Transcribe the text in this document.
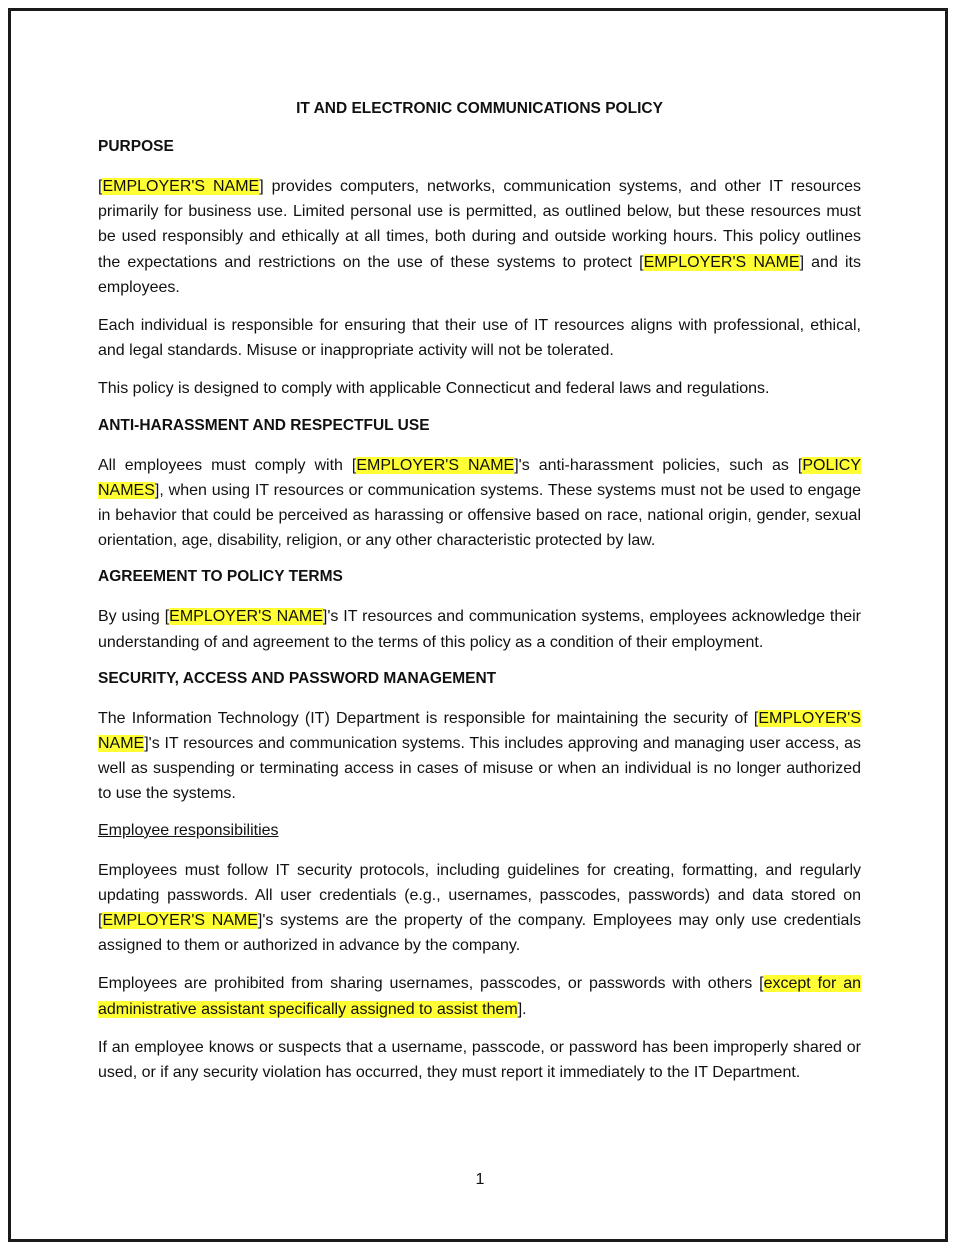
IT AND ELECTRONIC COMMUNICATIONS POLICY
PURPOSE

[EMPLOYER'S NAME] provides computers, networks, communication systems, and other IT resources primarily for business use. Limited personal use is permitted, as outlined below, but these resources must be used responsibly and ethically at all times, both during and outside working hours. This policy outlines the expectations and restrictions on the use of these systems to protect [EMPLOYER'S NAME] and its employees.

Each individual is responsible for ensuring that their use of IT resources aligns with professional, ethical, and legal standards. Misuse or inappropriate activity will not be tolerated.

This policy is designed to comply with applicable Connecticut and federal laws and regulations.

ANTI-HARASSMENT AND RESPECTFUL USE

All employees must comply with [EMPLOYER'S NAME]'s anti-harassment policies, such as [POLICY NAMES], when using IT resources or communication systems. These systems must not be used to engage in behavior that could be perceived as harassing or offensive based on race, national origin, gender, sexual orientation, age, disability, religion, or any other characteristic protected by law.

AGREEMENT TO POLICY TERMS

By using [EMPLOYER'S NAME]'s IT resources and communication systems, employees acknowledge their understanding of and agreement to the terms of this policy as a condition of their employment.

SECURITY, ACCESS AND PASSWORD MANAGEMENT

The Information Technology (IT) Department is responsible for maintaining the security of [EMPLOYER'S NAME]'s IT resources and communication systems. This includes approving and managing user access, as well as suspending or terminating access in cases of misuse or when an individual is no longer authorized to use the systems.

Employee responsibilities

Employees must follow IT security protocols, including guidelines for creating, formatting, and regularly updating passwords. All user credentials (e.g., usernames, passcodes, passwords) and data stored on [EMPLOYER'S NAME]'s systems are the property of the company. Employees may only use credentials assigned to them or authorized in advance by the company.

Employees are prohibited from sharing usernames, passcodes, or passwords with others [except for an administrative assistant specifically assigned to assist them].

If an employee knows or suspects that a username, passcode, or password has been improperly shared or used, or if any security violation has occurred, they must report it immediately to the IT Department.

1
